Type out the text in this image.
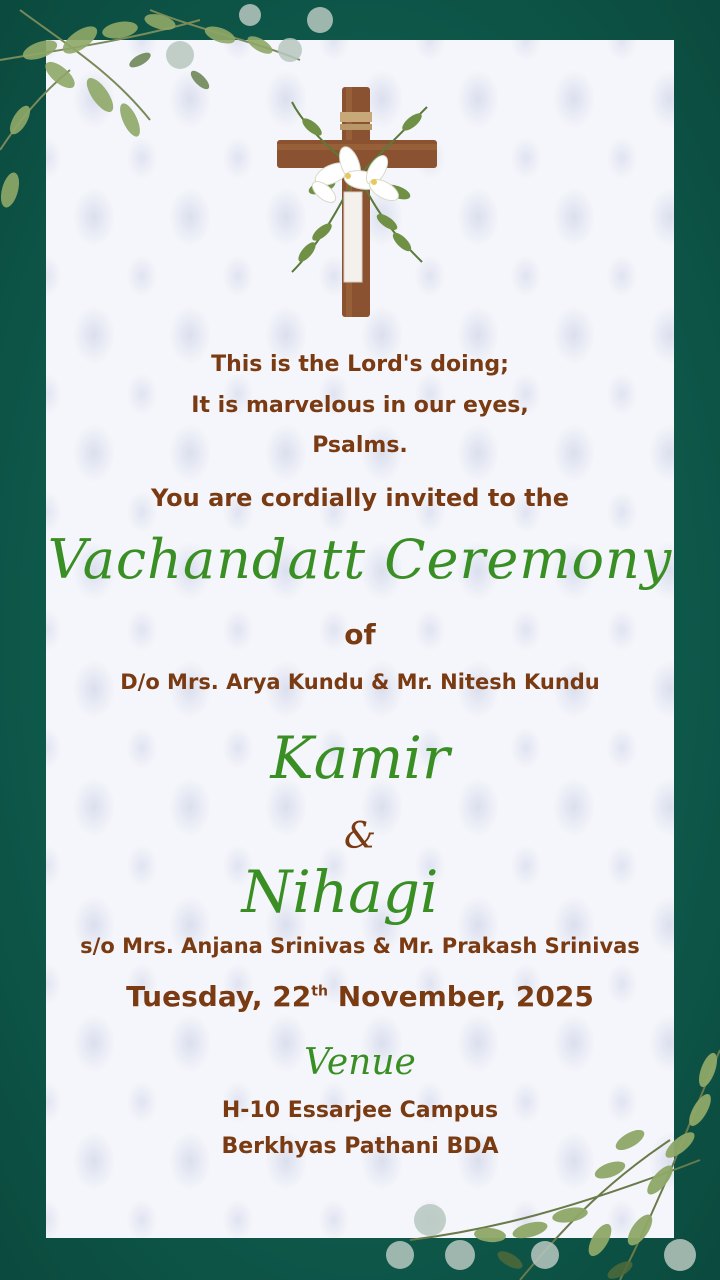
This is the Lord's doing;
It is marvelous in our eyes,
Psalms.
You are cordially invited to the
Vachandatt Ceremony
of
D/o Mrs. Arya Kundu & Mr. Nitesh Kundu
Kamir
&
Nihagi
s/o Mrs. Anjana Srinivas & Mr. Prakash Srinivas
Tuesday, 22th November, 2025
Venue
H-10 Essarjee Campus
Berkhyas Pathani BDA
